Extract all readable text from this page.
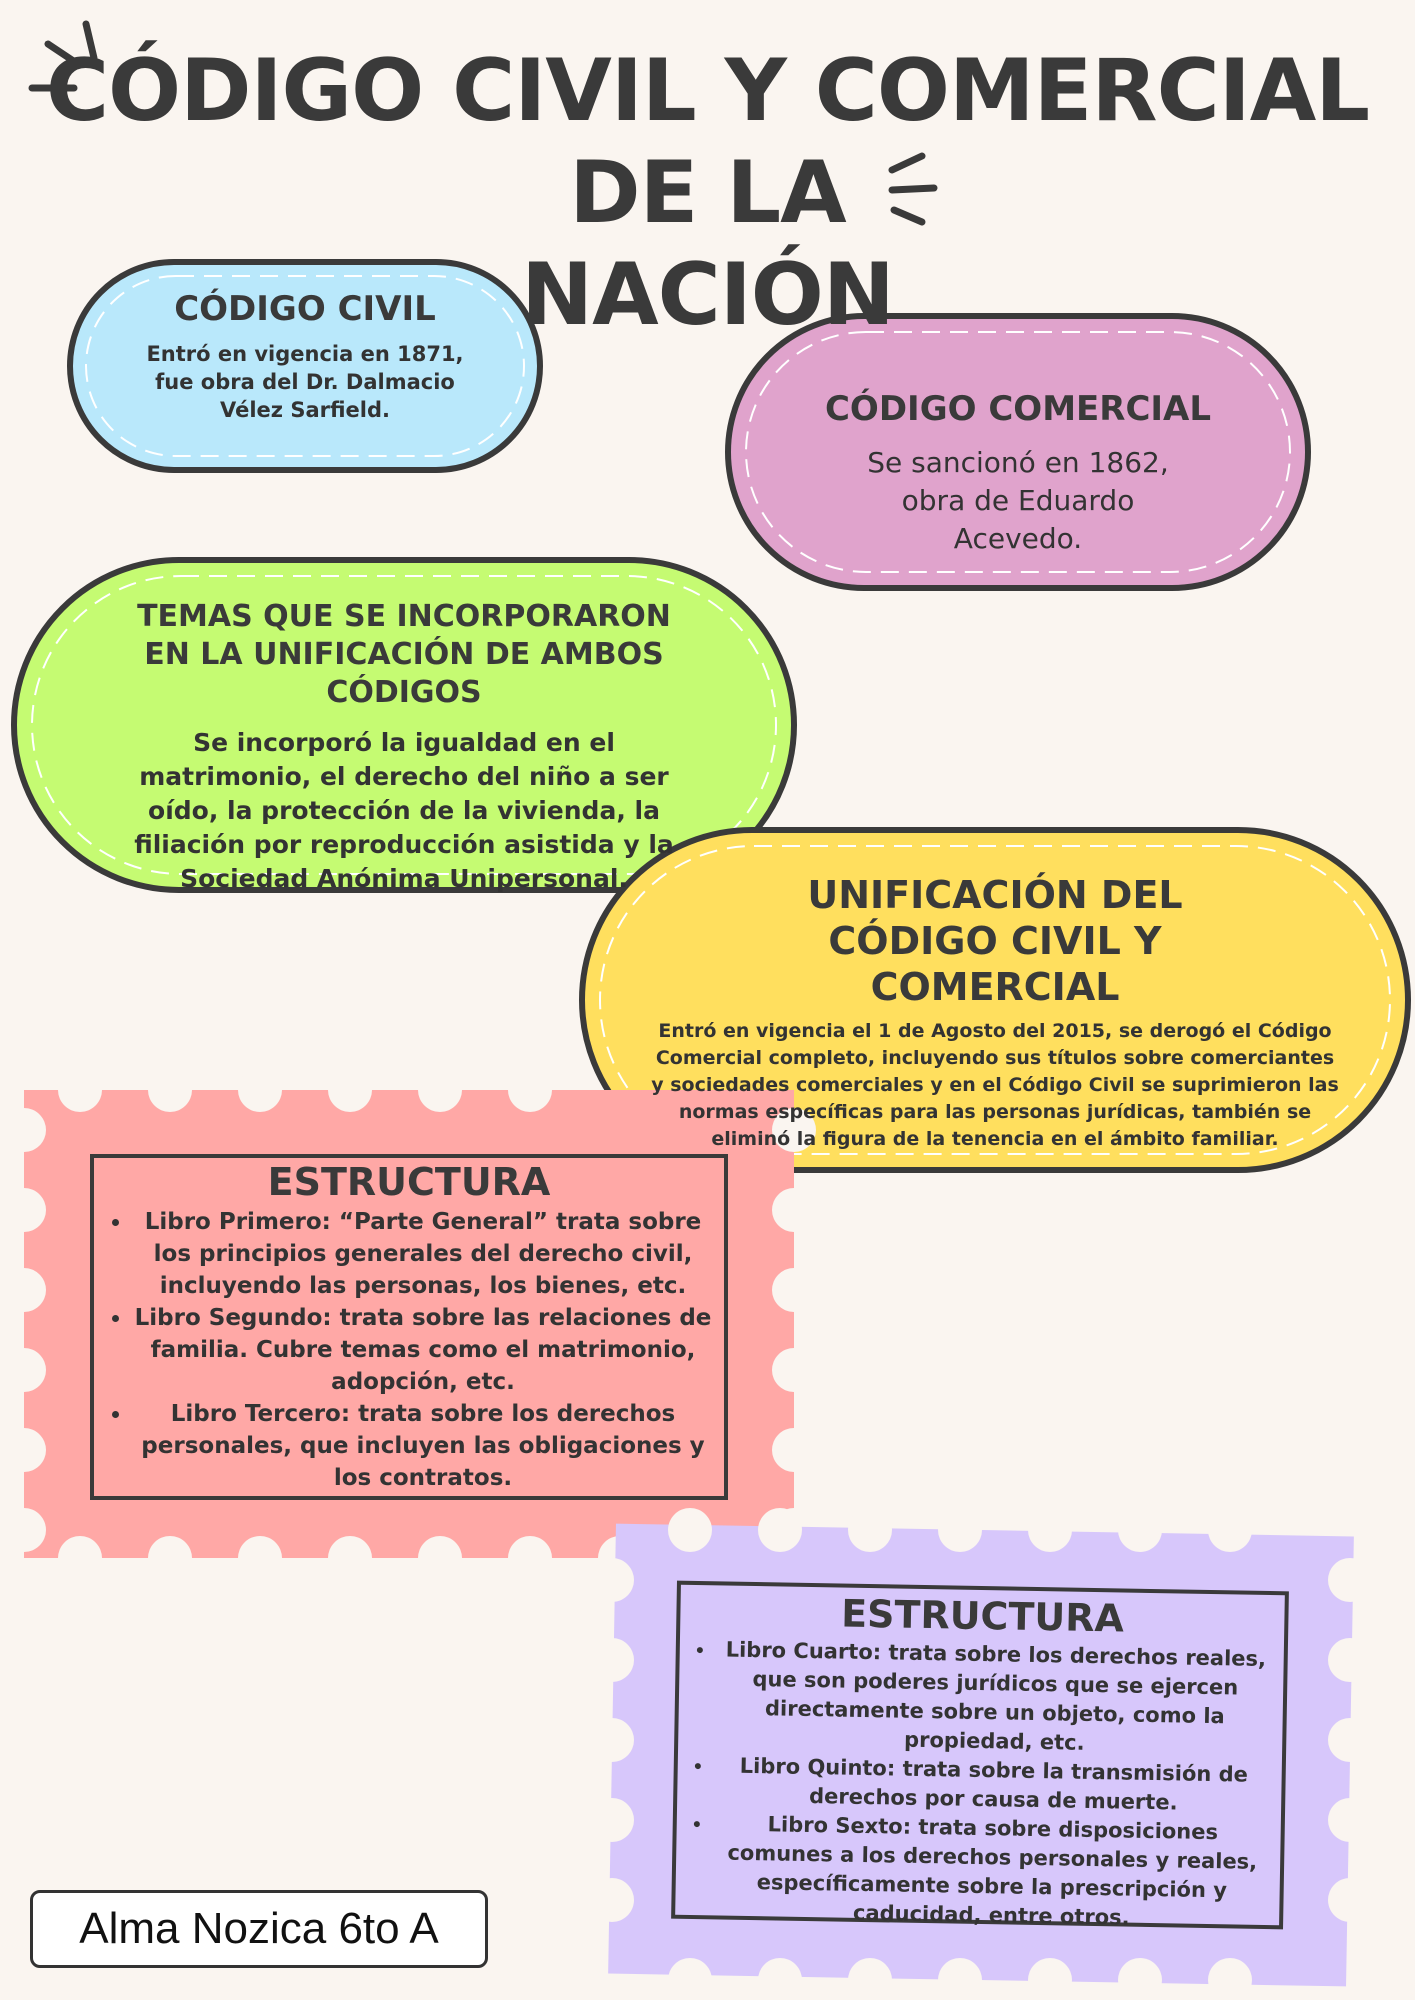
CÓDIGO CIVIL Y COMERCIAL DE LA
NACIÓN
CÓDIGO CIVIL
Entró en vigencia en 1871, fue obra del Dr. Dalmacio Vélez Sarfield.	CÓDIGO COMERCIAL
Se sancionó en 1862, obra de Eduardo Acevedo.
TEMAS QUE SE INCORPORARON EN LA UNIFICACIÓN DE AMBOS CÓDIGOS
Se incorporó la igualdad en el matrimonio, el derecho del niño a ser oído, la protección de la vivienda, la filiación por reproducción asistida y la Sociedad Anónima Unipersonal.	UNIFICACIÓN DEL CÓDIGO CIVIL Y COMERCIAL
Entró en vigencia el 1 de Agosto del 2015, se derogó el Código Comercial completo, incluyendo sus títulos sobre comerciantes y sociedades comerciales y en el Código Civil se suprimieron las normas específicas para las personas jurídicas, también se eliminó la figura de la tenencia en el ámbito familiar.
ESTRUCTURA
• Libro Primero: “Parte General” trata sobre los principios generales del derecho civil, incluyendo las personas, los bienes, etc.
• Libro Segundo: trata sobre las relaciones de familia. Cubre temas como el matrimonio, adopción, etc.
• Libro Tercero: trata sobre los derechos personales, que incluyen las obligaciones y los contratos.
ESTRUCTURA
• Libro Cuarto: trata sobre los derechos reales, que son poderes jurídicos que se ejercen directamente sobre un objeto, como la propiedad, etc.
• Libro Quinto: trata sobre la transmisión de derechos por causa de muerte.
• Libro Sexto: trata sobre disposiciones comunes a los derechos personales y reales, específicamente sobre la prescripción y caducidad, entre otros.
Alma Nozica 6to A
